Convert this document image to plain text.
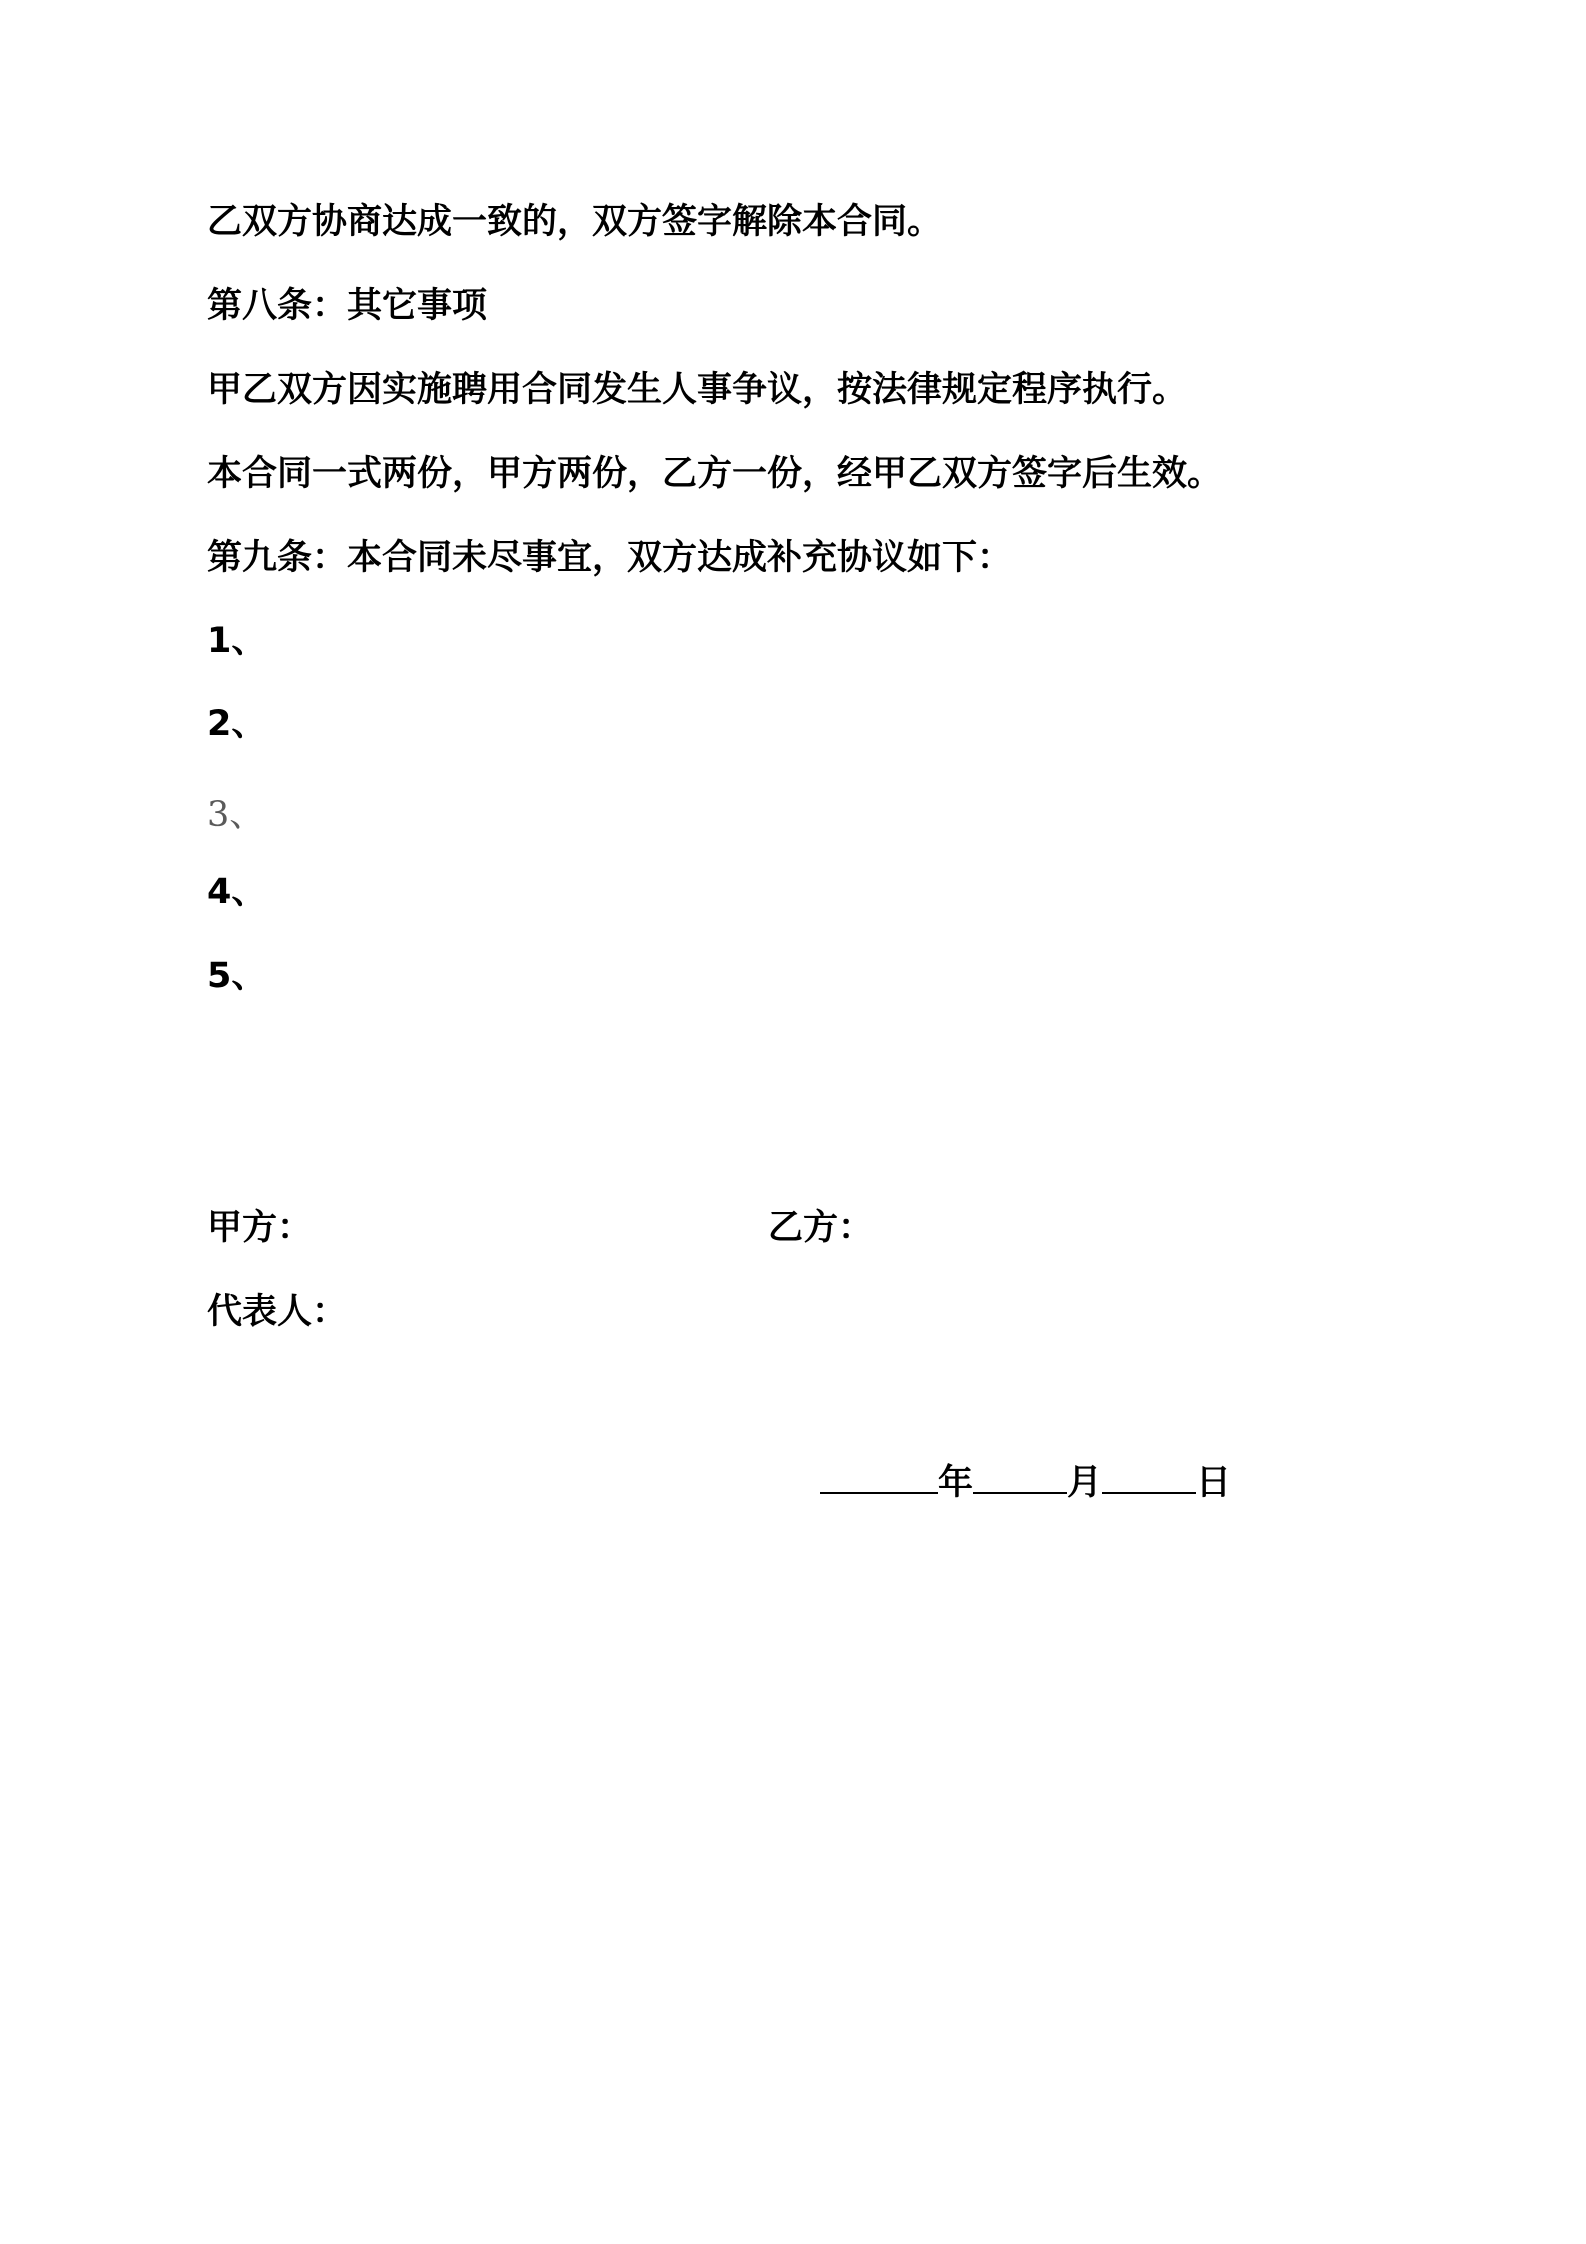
乙双方协商达成一致的，双方签字解除本合同。
第八条：其它事项
甲乙双方因实施聘用合同发生人事争议，按法律规定程序执行。
本合同一式两份，甲方两份，乙方一份，经甲乙双方签字后生效。
第九条：本合同未尽事宜，双方达成补充协议如下：
1、
2、
3、
4、
5、
甲方：	乙方：
代表人：
年	月	日
